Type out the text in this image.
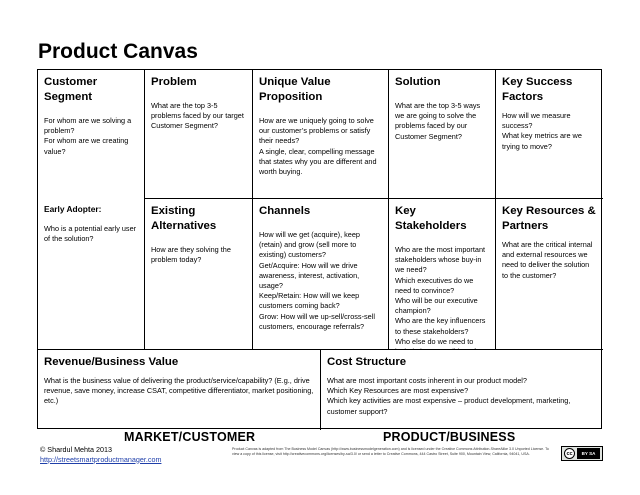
Product Canvas
Customer Segment
For whom are we solving a problem?
For whom are we creating value?
Early Adopter:
Who is a potential early user of the solution?
Problem
What are the top 3-5 problems faced by our target Customer Segment?
Existing Alternatives
How are they solving the problem today?
Unique Value Proposition
How are we uniquely going to solve our customer’s problems or satisfy their needs?
A single, clear, compelling message that states why you are different and worth buying.
Channels
How will we get (acquire), keep (retain) and grow (sell more to existing) customers?
Get/Acquire: How will we drive awareness, interest, activation, usage?
Keep/Retain: How will we keep customers coming back?
Grow: How will we up-sell/cross-sell customers, encourage referrals?
Solution
What are the top 3-5 ways we are going to solve the problems faced by our Customer Segment?
Key Stakeholders
Who are the most important stakeholders whose buy-in we need?
Which executives do we need to convince?
Who will be our executive champion?
Who are the key influencers to these stakeholders?
Who else do we need to
Key Success Factors
How will we measure success?
What key metrics are we trying to move?
Key Resources & Partners
What are the critical internal and external resources we need to deliver the solution to the customer?
Revenue/Business Value
What is the business value of delivering the product/service/capability? (E.g., drive revenue, save money, increase CSAT, competitive differentiator, market positioning, etc.)
Cost Structure
What are most important costs inherent in our product model?
Which Key Resources are most expensive?
Which key activities are most expensive – product development, marketing, customer support?
MARKET/CUSTOMER	PRODUCT/BUSINESS
© Shardul Mehta 2013
http://streetsmartproductmanager.com
Product Canvas is adapted from The Business Model Canvas (http://www.businessmodelgeneration.com) and is licensed under the Creative Commons Attribution-ShareAlike 3.0 Unported License. To view a copy of this license, visit http://creativecommons.org/licenses/by-sa/3.0/ or send a letter to Creative Commons, 444 Castro Street, Suite 900, Mountain View, California, 94041, USA.	cc	BY SA
